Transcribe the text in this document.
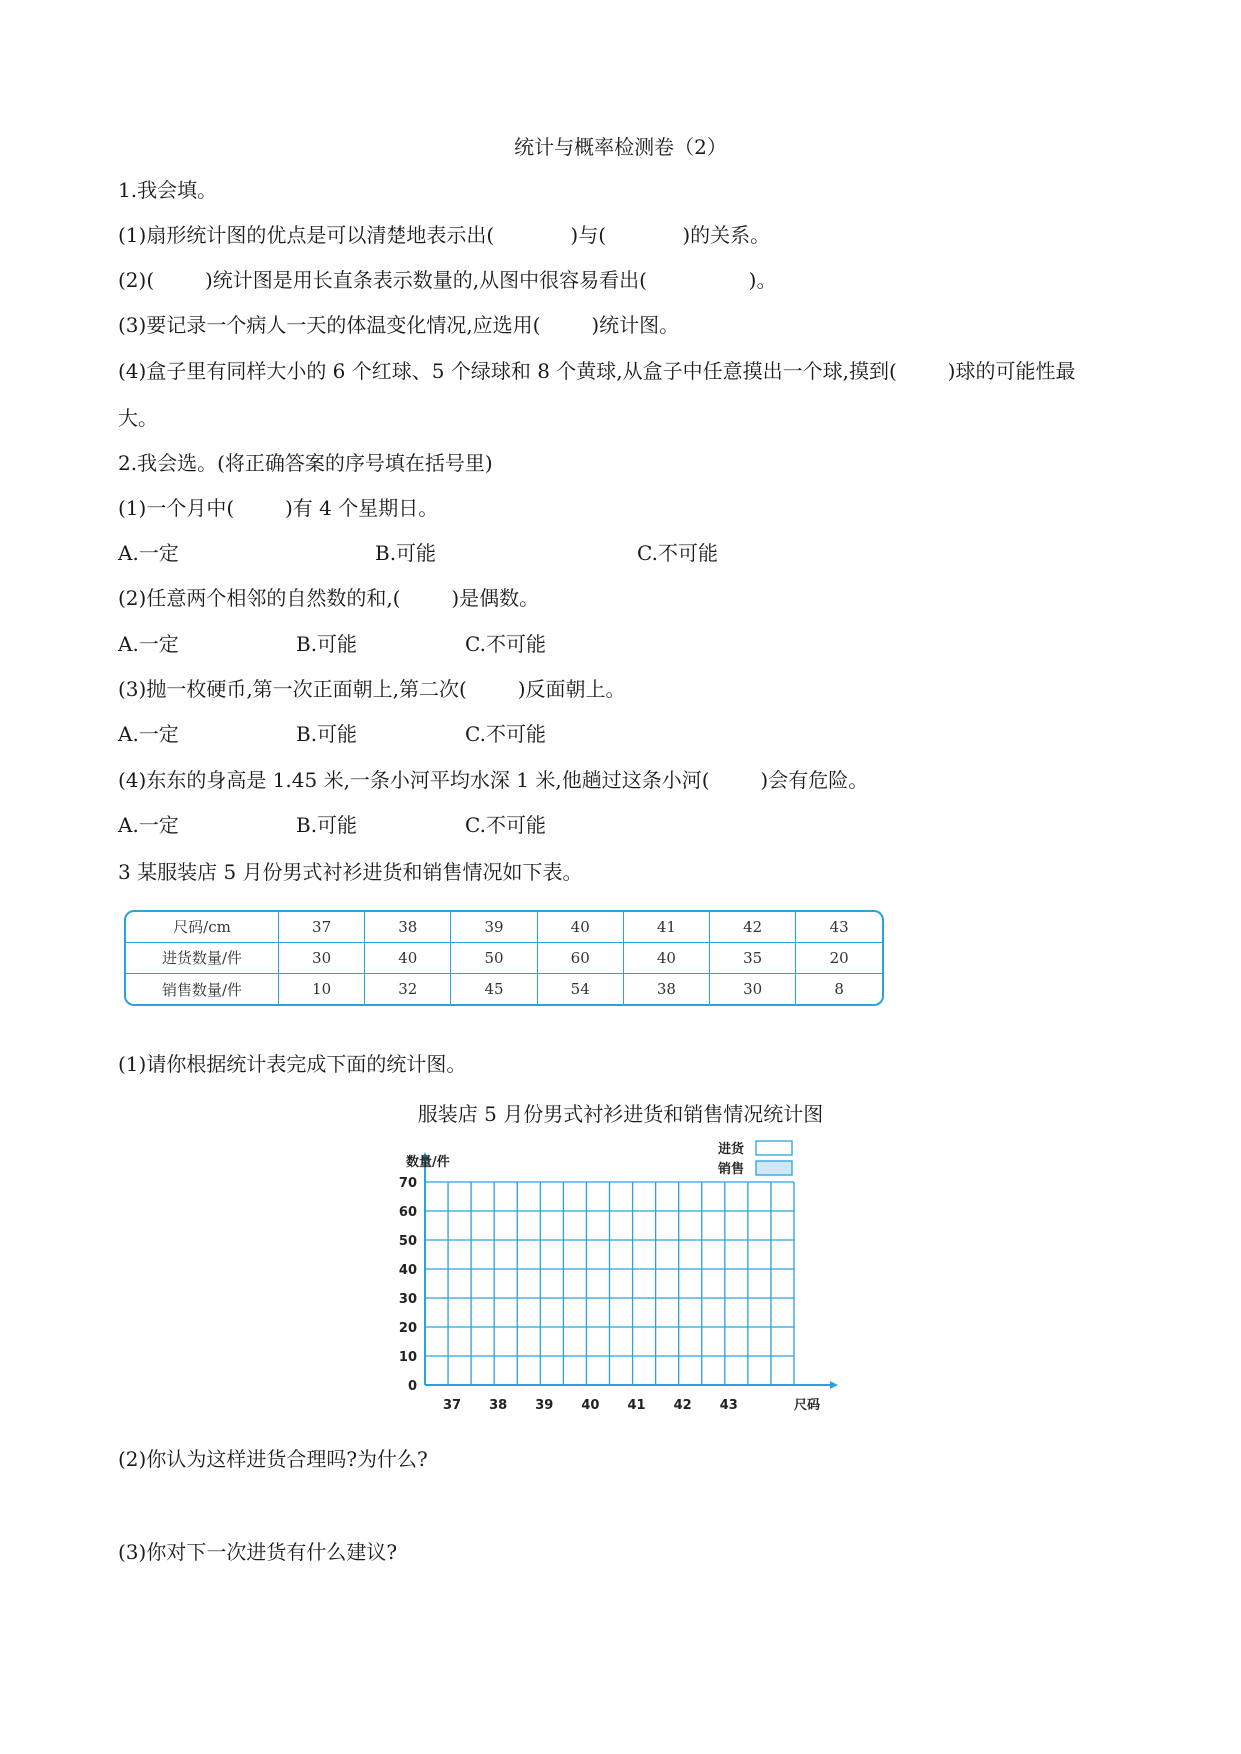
统计与概率检测卷（2）
1.我会填。
(1)扇形统计图的优点是可以清楚地表示出(            )与(            )的关系。
(2)(        )统计图是用长直条表示数量的,从图中很容易看出(                )。
(3)要记录一个病人一天的体温变化情况,应选用(        )统计图。
(4)盒子里有同样大小的 6 个红球、5 个绿球和 8 个黄球,从盒子中任意摸出一个球,摸到(        )球的可能性最
大。
2.我会选。(将正确答案的序号填在括号里)
(1)一个月中(        )有 4 个星期日。
A.一定	B.可能	C.不可能
(2)任意两个相邻的自然数的和,(        )是偶数。
A.一定	B.可能	C.不可能
(3)抛一枚硬币,第一次正面朝上,第二次(        )反面朝上。
A.一定	B.可能	C.不可能
(4)东东的身高是 1.45 米,一条小河平均水深 1 米,他趟过这条小河(        )会有危险。
A.一定	B.可能	C.不可能
3 某服装店 5 月份男式衬衫进货和销售情况如下表。
尺码/cm	37	38	39	40	41	42	43
进货数量/件	30	40	50	60	40	35	20
销售数量/件	10	32	45	54	38	30	8
(1)请你根据统计表完成下面的统计图。
服装店 5 月份男式衬衫进货和销售情况统计图
0
10
20
30
40
50
60
70
37 38 39 40 41 42 43
数量/件
尺码
进货
销售
(2)你认为这样进货合理吗?为什么?
(3)你对下一次进货有什么建议?
